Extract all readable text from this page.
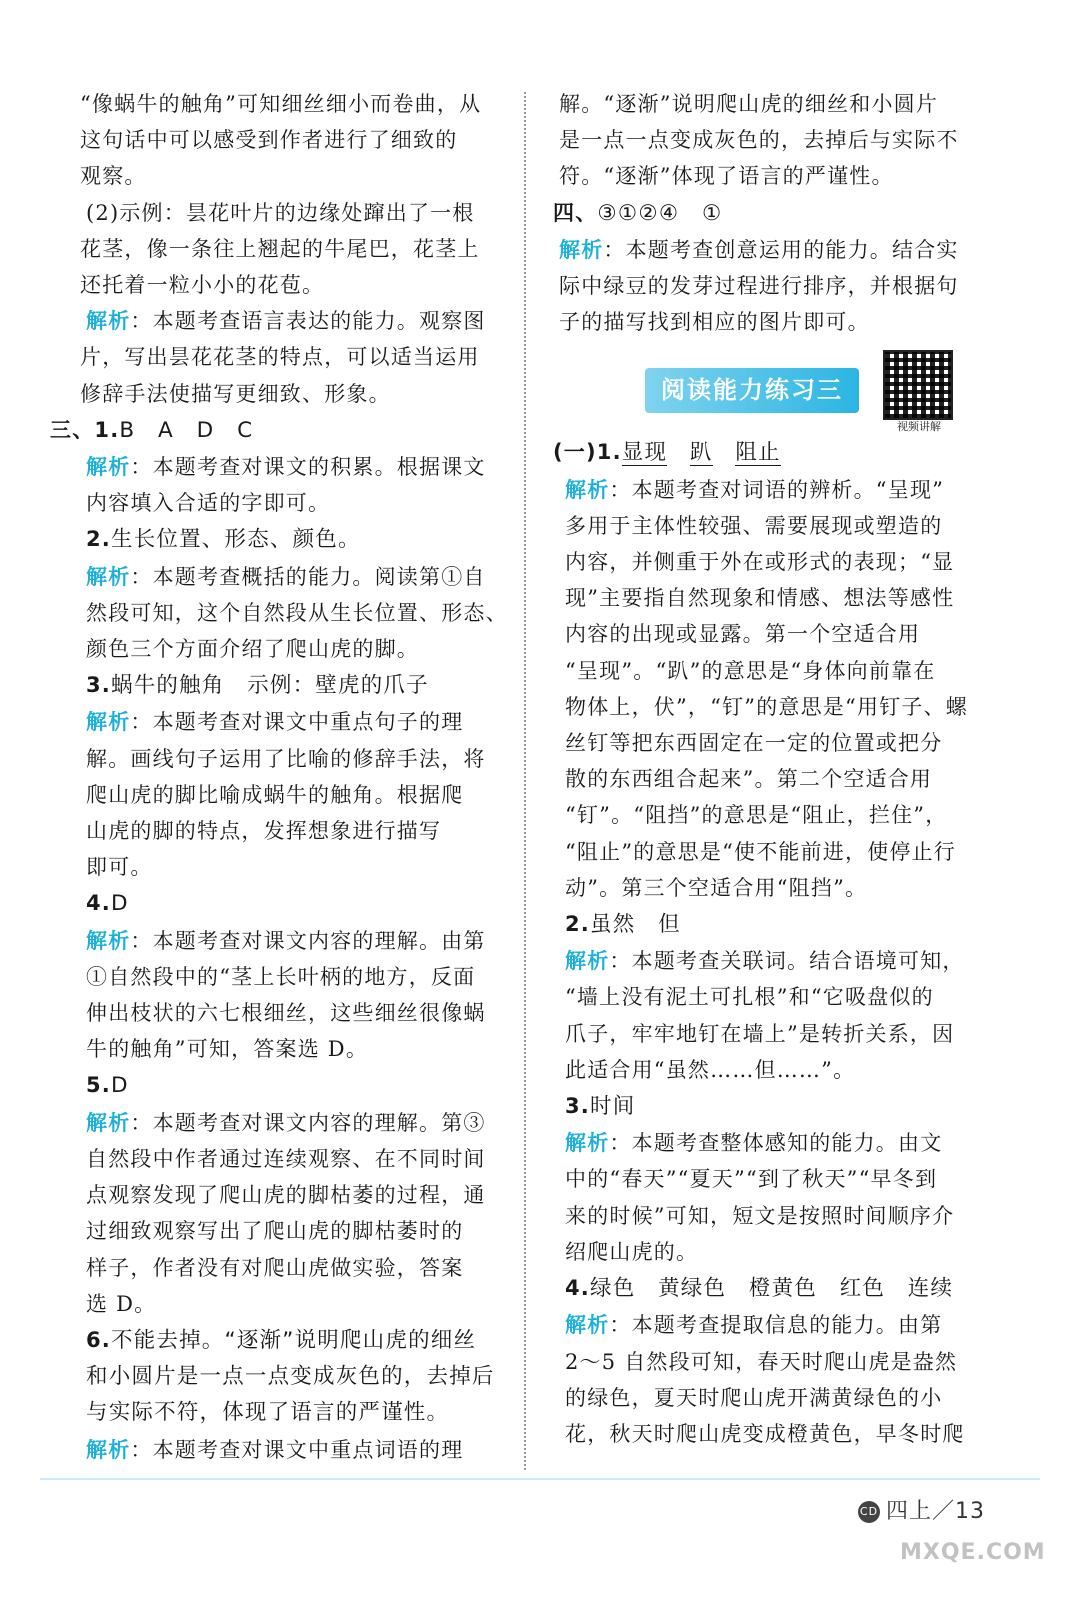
“像蜗牛的触角”可知细丝细小而卷曲，从

这句话中可以感受到作者进行了细致的

观察。

(2)示例：昙花叶片的边缘处蹿出了一根

花茎，像一条往上翘起的牛尾巴，花茎上

还托着一粒小小的花苞。

解析：本题考查语言表达的能力。观察图

片，写出昙花花茎的特点，可以适当运用

修辞手法使描写更细致、形象。

三、1.B　A　D　C

解析：本题考查对课文的积累。根据课文

内容填入合适的字即可。

2.生长位置、形态、颜色。

解析：本题考查概括的能力。阅读第①自

然段可知，这个自然段从生长位置、形态、

颜色三个方面介绍了爬山虎的脚。

3.蜗牛的触角　示例：壁虎的爪子

解析：本题考查对课文中重点句子的理

解。画线句子运用了比喻的修辞手法，将

爬山虎的脚比喻成蜗牛的触角。根据爬

山虎的脚的特点，发挥想象进行描写

即可。

4.D

解析：本题考查对课文内容的理解。由第

①自然段中的“茎上长叶柄的地方，反面

伸出枝状的六七根细丝，这些细丝很像蜗

牛的触角”可知，答案选 D。

5.D

解析：本题考查对课文内容的理解。第③

自然段中作者通过连续观察、在不同时间

点观察发现了爬山虎的脚枯萎的过程，通

过细致观察写出了爬山虎的脚枯萎时的

样子，作者没有对爬山虎做实验，答案

选 D。

6.不能去掉。“逐渐”说明爬山虎的细丝

和小圆片是一点一点变成灰色的，去掉后

与实际不符，体现了语言的严谨性。

解析：本题考查对课文中重点词语的理

解。“逐渐”说明爬山虎的细丝和小圆片

是一点一点变成灰色的，去掉后与实际不

符。“逐渐”体现了语言的严谨性。

四、③①②④　①

解析：本题考查创意运用的能力。结合实

际中绿豆的发芽过程进行排序，并根据句

子的描写找到相应的图片即可。

阅读能力练习三
视频讲解

(一)1.显现　 趴　 阻止

解析：本题考查对词语的辨析。“呈现”

多用于主体性较强、需要展现或塑造的

内容，并侧重于外在或形式的表现；“显

现”主要指自然现象和情感、想法等感性

内容的出现或显露。第一个空适合用

“呈现”。“趴”的意思是“身体向前靠在

物体上，伏”，“钉”的意思是“用钉子、螺

丝钉等把东西固定在一定的位置或把分

散的东西组合起来”。第二个空适合用

“钉”。“阻挡”的意思是“阻止，拦住”，

“阻止”的意思是“使不能前进，使停止行

动”。第三个空适合用“阻挡”。

2.虽然　但

解析：本题考查关联词。结合语境可知，

“墙上没有泥土可扎根”和“它吸盘似的

爪子，牢牢地钉在墙上”是转折关系，因

此适合用“虽然……但……”。

3.时间

解析：本题考查整体感知的能力。由文

中的“春天”“夏天”“到了秋天”“早冬到

来的时候”可知，短文是按照时间顺序介

绍爬山虎的。

4.绿色　黄绿色　橙黄色　红色　连续

解析：本题考查提取信息的能力。由第

2～5 自然段可知，春天时爬山虎是盎然

的绿色，夏天时爬山虎开满黄绿色的小

花，秋天时爬山虎变成橙黄色，早冬时爬

CD 四上／13
MXQE.COM
